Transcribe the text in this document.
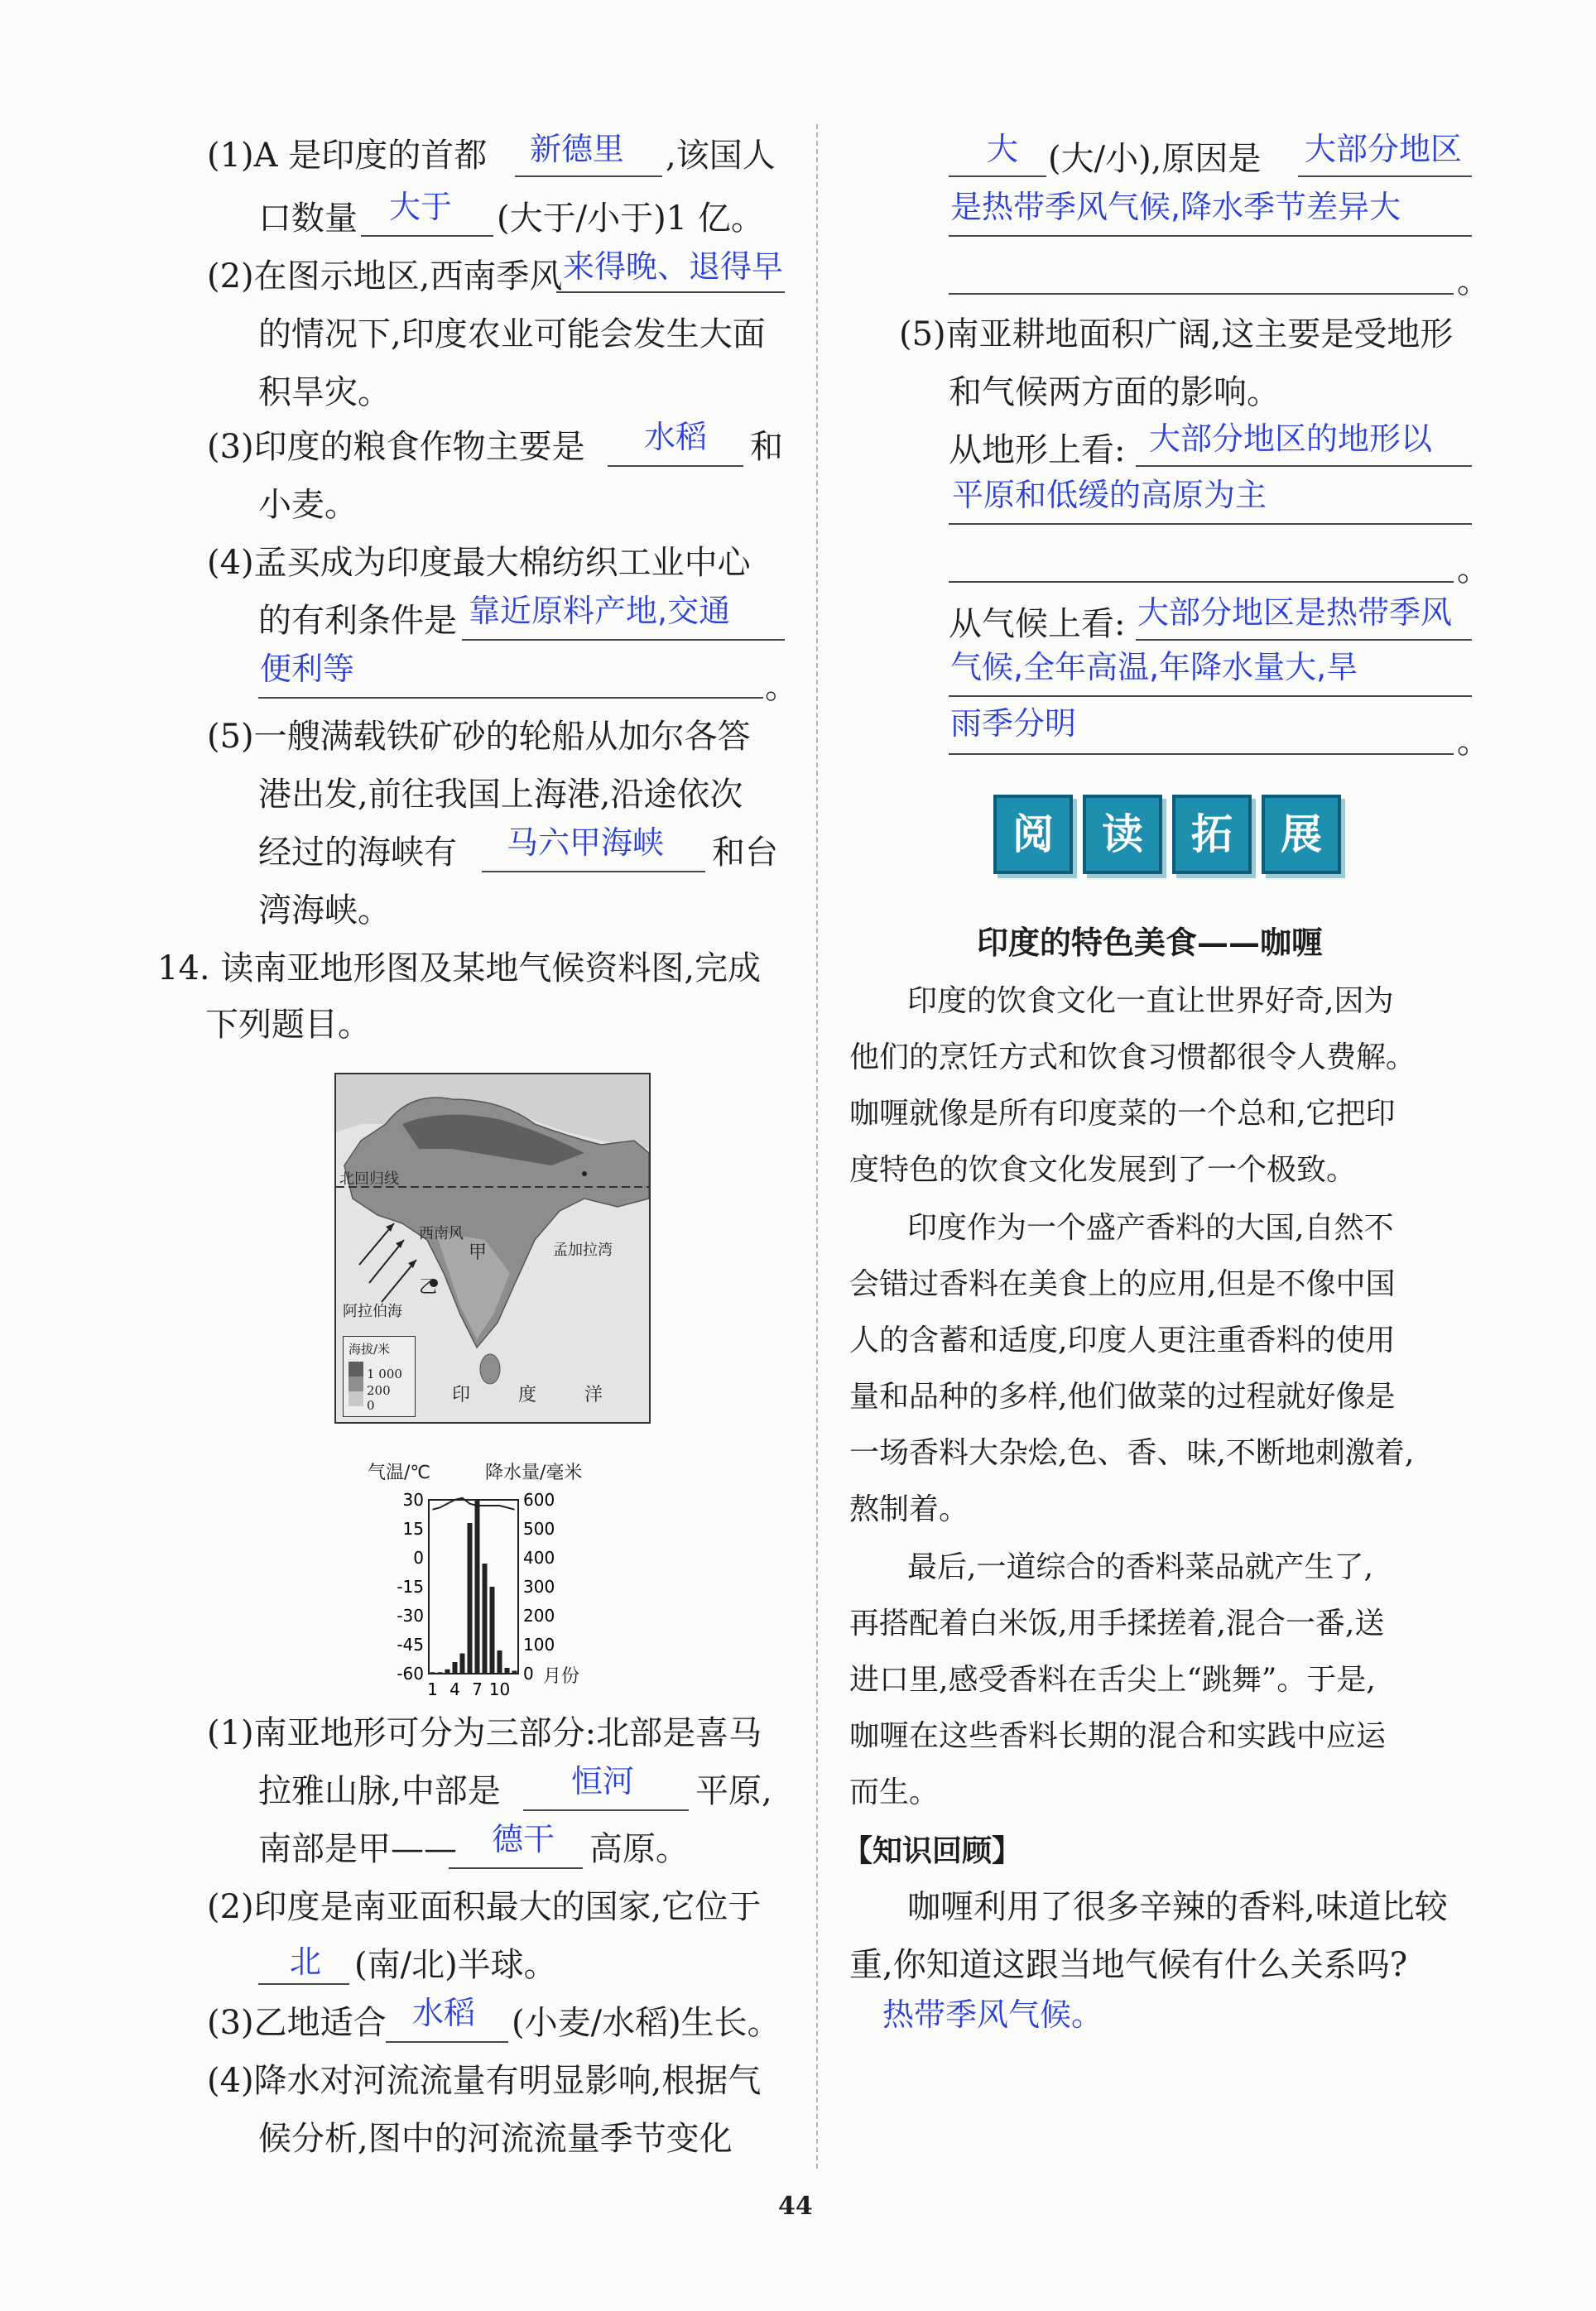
(1)A 是印度的首都 新德里 ,该国人
口数量 大于 (大于/小于)1 亿。
(2)在图示地区,西南季风 来得晚、退得早
的情况下,印度农业可能会发生大面
积旱灾。
(3)印度的粮食作物主要是 水稻 和
小麦。
(4)孟买成为印度最大棉纺织工业中心
的有利条件是 靠近原料产地,交通
便利等	。
(5)一艘满载铁矿砂的轮船从加尔各答
港出发,前往我国上海港,沿途依次
经过的海峡有 马六甲海峡 和台
湾海峡。
14. 读南亚地形图及某地气候资料图,完成
下列题目。
北回归线
西南风
甲
乙
孟加拉湾
阿拉伯海
印	度	洋
海拔/米
1 000
200
0
气温/℃	降水量/毫米
30
15
0
-15
-30
-45
-60
600
500
400
300
200
100
0
1 4 7 10
月份
(1)南亚地形可分为三部分:北部是喜马
拉雅山脉,中部是 恒河 平原,
南部是甲—— 德干 高原。
(2)印度是南亚面积最大的国家,它位于
北 (南/北)半球。
(3)乙地适合 水稻 (小麦/水稻)生长。
(4)降水对河流流量有明显影响,根据气
候分析,图中的河流流量季节变化
大 (大/小),原因是 大部分地区
是热带季风气候,降水季节差异大
。
(5)南亚耕地面积广阔,这主要是受地形
和气候两方面的影响。
从地形上看: 大部分地区的地形以
平原和低缓的高原为主
。
从气候上看: 大部分地区是热带季风
气候,全年高温,年降水量大,旱
雨季分明	。
阅	读	拓	展
印度的特色美食——咖喱
印度的饮食文化一直让世界好奇,因为
他们的烹饪方式和饮食习惯都很令人费解。
咖喱就像是所有印度菜的一个总和,它把印
度特色的饮食文化发展到了一个极致。
印度作为一个盛产香料的大国,自然不
会错过香料在美食上的应用,但是不像中国
人的含蓄和适度,印度人更注重香料的使用
量和品种的多样,他们做菜的过程就好像是
一场香料大杂烩,色、香、味,不断地刺激着,
熬制着。
最后,一道综合的香料菜品就产生了,
再搭配着白米饭,用手揉搓着,混合一番,送
进口里,感受香料在舌尖上“跳舞”。于是,
咖喱在这些香料长期的混合和实践中应运
而生。
【知识回顾】
咖喱利用了很多辛辣的香料,味道比较
重,你知道这跟当地气候有什么关系吗?
热带季风气候。
44
